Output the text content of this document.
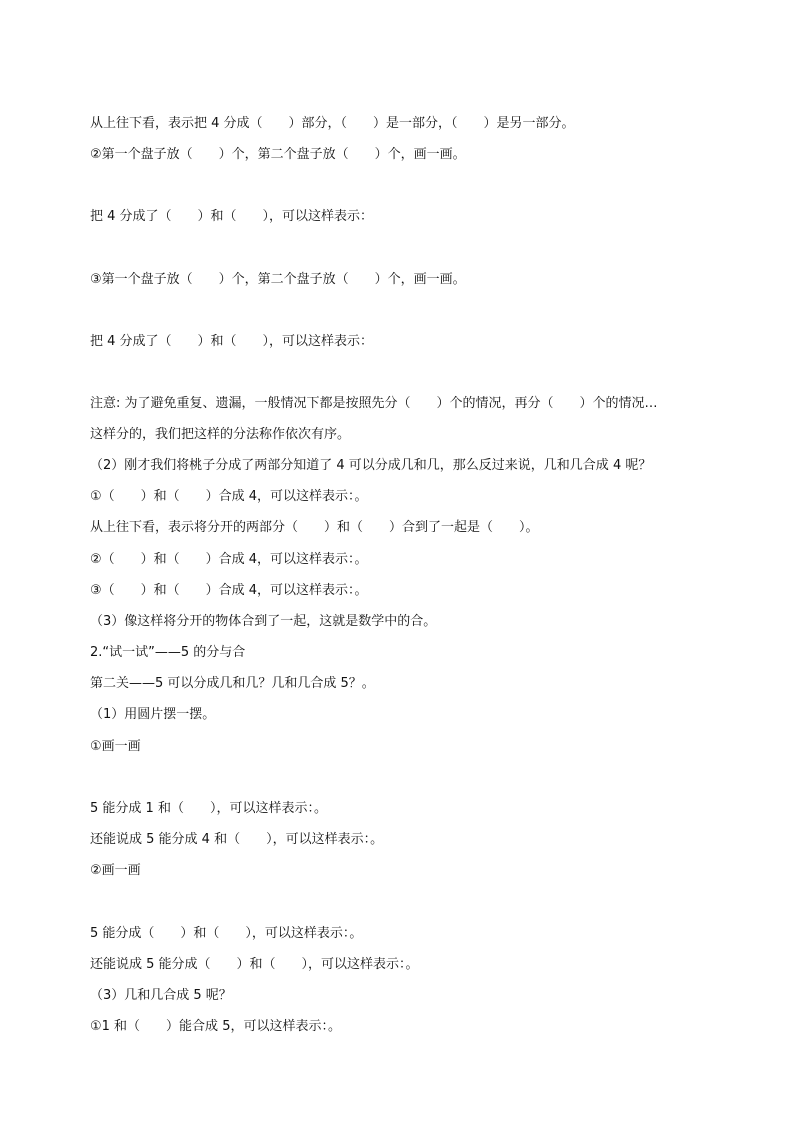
从上往下看，表示把 4 分成（　　）部分，（　　）是一部分，（　　）是另一部分。
②第一个盘子放（　　）个，第二个盘子放（　　）个，画一画。
把 4 分成了（　　）和（　　），可以这样表示：
③第一个盘子放（　　）个，第二个盘子放（　　）个，画一画。
把 4 分成了（　　）和（　　），可以这样表示：
注意: 为了避免重复、遗漏，一般情况下都是按照先分（　　）个的情况，再分（　　）个的情况…
这样分的，我们把这样的分法称作依次有序。
（2）刚才我们将桃子分成了两部分知道了 4 可以分成几和几，那么反过来说，几和几合成 4 呢？
①（　　）和（　　）合成 4，可以这样表示：。
从上往下看，表示将分开的两部分（　　）和（　　）合到了一起是（　　）。
②（　　）和（　　）合成 4，可以这样表示：。
③（　　）和（　　）合成 4，可以这样表示：。
（3）像这样将分开的物体合到了一起，这就是数学中的合。
2.“试一试”——5 的分与合
第二关——5 可以分成几和几？几和几合成 5？。
（1）用圆片摆一摆。
①画一画
5 能分成 1 和（　　），可以这样表示：。
还能说成 5 能分成 4 和（　　），可以这样表示：。
②画一画
5 能分成（　　）和（　　），可以这样表示：。
还能说成 5 能分成（　　）和（　　），可以这样表示：。
（3）几和几合成 5 呢？
①1 和（　　）能合成 5，可以这样表示：。
